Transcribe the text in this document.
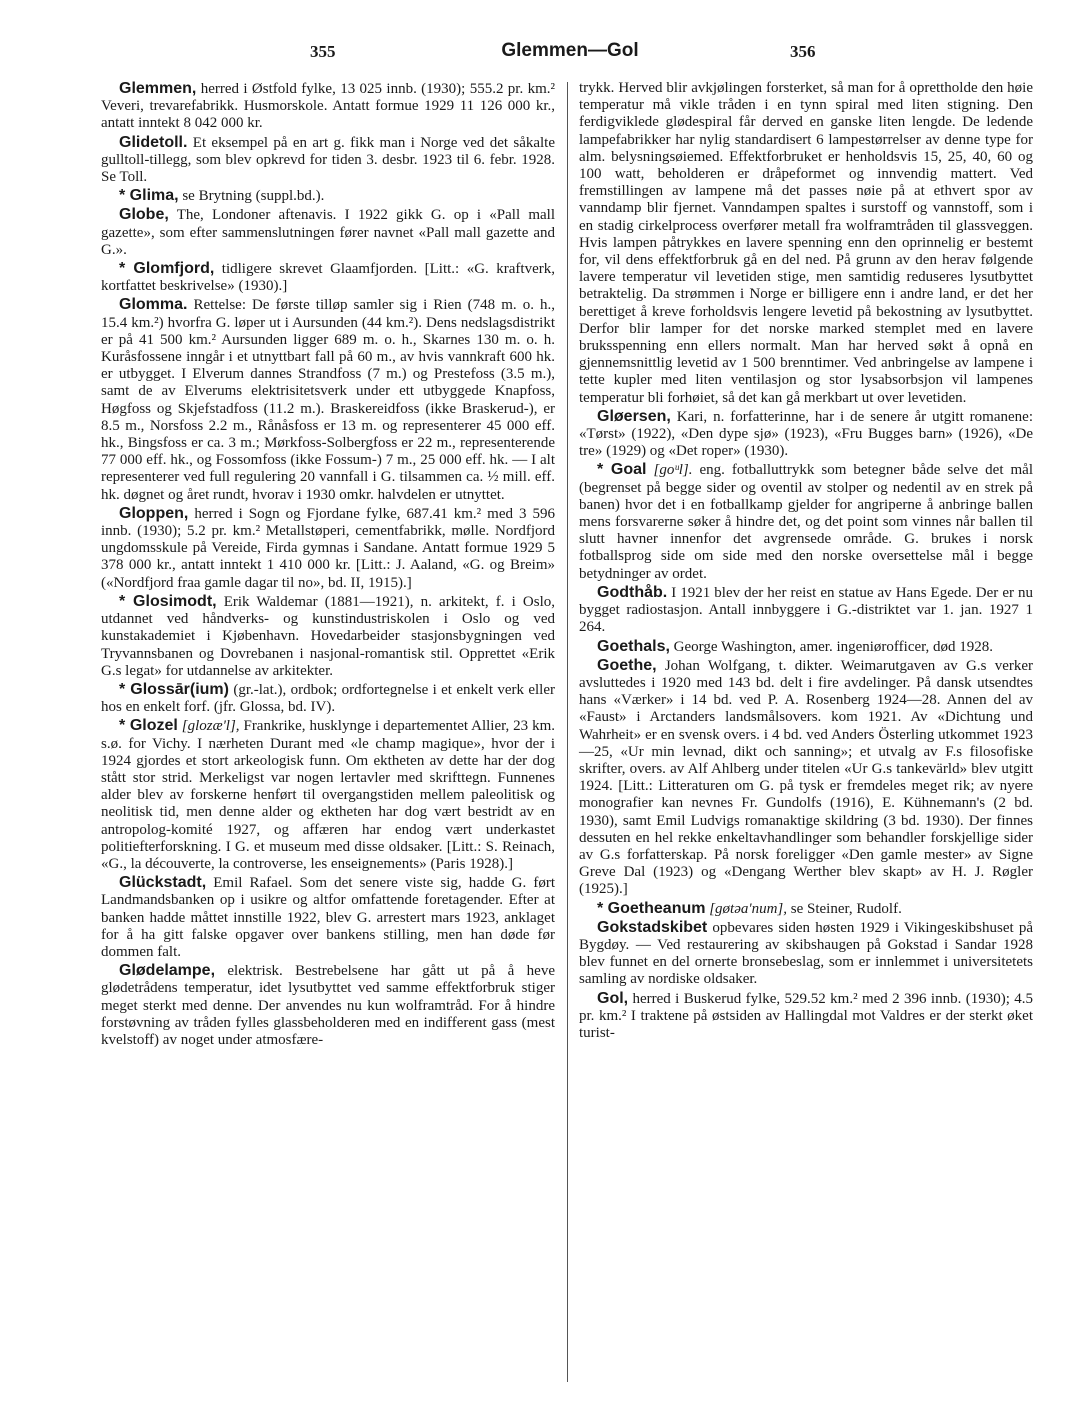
355	Glemmen—Gol	356

Glemmen, herred i Østfold fylke, 13 025 innb. (1930); 555.2 pr. km.² Veveri, trevarefabrikk. Husmorskole. Antatt formue 1929 11 126 000 kr., antatt inntekt 8 042 000 kr.

Glidetoll. Et eksempel på en art g. fikk man i Norge ved det såkalte gulltoll-tillegg, som blev opkrevd for tiden 3. desbr. 1923 til 6. febr. 1928. Se Toll.

* Glima, se Brytning (suppl.bd.).

Globe, The, Londoner aftenavis. I 1922 gikk G. op i «Pall mall gazette», som efter sammenslutningen fører navnet «Pall mall gazette and G.».

* Glomfjord, tidligere skrevet Glaamfjorden. [Litt.: «G. kraftverk, kortfattet beskrivelse» (1930).]

Glomma. Rettelse: De første tilløp samler sig i Rien (748 m. o. h., 15.4 km.²) hvorfra G. løper ut i Aursunden (44 km.²). Dens nedslagsdistrikt er på 41 500 km.² Aursunden ligger 689 m. o. h., Skarnes 130 m. o. h. Kuråsfossene inngår i et utnyttbart fall på 60 m., av hvis vannkraft 600 hk. er utbygget. I Elverum dannes Strandfoss (7 m.) og Prestefoss (3.5 m.), samt de av Elverums elektrisitetsverk under ett utbyggede Knapfoss, Høgfoss og Skjefstadfoss (11.2 m.). Braskereidfoss (ikke Braskerud-), er 8.5 m., Norsfoss 2.2 m., Rånåsfoss er 13 m. og representerer 45 000 eff. hk., Bingsfoss er ca. 3 m.; Mørkfoss-Solbergfoss er 22 m., representerende 77 000 eff. hk., og Fossomfoss (ikke Fossum-) 7 m., 25 000 eff. hk. — I alt representerer ved full regulering 20 vannfall i G. tilsammen ca. ½ mill. eff. hk. døgnet og året rundt, hvorav i 1930 omkr. halvdelen er utnyttet.

Gloppen, herred i Sogn og Fjordane fylke, 687.41 km.² med 3 596 innb. (1930); 5.2 pr. km.² Metallstøperi, cementfabrikk, mølle. Nordfjord ungdomsskule på Vereide, Firda gymnas i Sandane. Antatt formue 1929 5 378 000 kr., antatt inntekt 1 410 000 kr. [Litt.: J. Aaland, «G. og Breim» («Nordfjord fraa gamle dagar til no», bd. II, 1915).]

* Glosimodt, Erik Waldemar (1881—1921), n. arkitekt, f. i Oslo, utdannet ved håndverks- og kunstindustriskolen i Oslo og ved kunstakademiet i Kjøbenhavn. Hovedarbeider stasjonsbygningen ved Tryvannsbanen og Dovrebanen i nasjonal-romantisk stil. Opprettet «Erik G.s legat» for utdannelse av arkitekter.

* Glossār(ium) (gr.-lat.), ordbok; ordfortegnelse i et enkelt verk eller hos en enkelt forf. (jfr. Glossa, bd. IV).

* Glozel [glozæ'l], Frankrike, husklynge i departementet Allier, 23 km. s.ø. for Vichy. I nærheten Durant med «le champ magique», hvor der i 1924 gjordes et stort arkeologisk funn. Om ektheten av dette har der dog stått stor strid. Merkeligst var nogen lertavler med skrifttegn. Funnenes alder blev av forskerne henført til overgangstiden mellem paleolitisk og neolitisk tid, men denne alder og ektheten har dog vært bestridt av en antropolog-komité 1927, og affæren har endog vært underkastet politiefterforskning. I G. et museum med disse oldsaker. [Litt.: S. Reinach, «G., la découverte, la controverse, les enseignements» (Paris 1928).]

Glückstadt, Emil Rafael. Som det senere viste sig, hadde G. ført Landmandsbanken op i usikre og altfor omfattende foretagender. Efter at banken hadde måttet innstille 1922, blev G. arrestert mars 1923, anklaget for å ha gitt falske opgaver over bankens stilling, men han døde før dommen falt.

Glødelampe, elektrisk. Bestrebelsene har gått ut på å heve glødetrådens temperatur, idet lysutbyttet ved samme effektforbruk stiger meget sterkt med denne. Der anvendes nu kun wolframtråd. For å hindre forstøvning av tråden fylles glassbeholderen med en indifferent gass (mest kvelstoff) av noget under atmosfære-

trykk. Herved blir avkjølingen forsterket, så man for å oprettholde den høie temperatur må vikle tråden i en tynn spiral med liten stigning. Den ferdigviklede glødespiral får derved en ganske liten lengde. De ledende lampefabrikker har nylig standardisert 6 lampestørrelser av denne type for alm. belysningsøiemed. Effektforbruket er henholdsvis 15, 25, 40, 60 og 100 watt, beholderen er dråpeformet og innvendig mattert. Ved fremstillingen av lampene må det passes nøie på at ethvert spor av vanndamp blir fjernet. Vanndampen spaltes i surstoff og vannstoff, som i en stadig cirkelprocess overfører metall fra wolframtråden til glassveggen. Hvis lampen påtrykkes en lavere spenning enn den oprinnelig er bestemt for, vil dens effektforbruk gå en del ned. På grunn av den herav følgende lavere temperatur vil levetiden stige, men samtidig reduseres lysutbyttet betraktelig. Da strømmen i Norge er billigere enn i andre land, er det her berettiget å kreve forholdsvis lengere levetid på bekostning av lysutbyttet. Derfor blir lamper for det norske marked stemplet med en lavere bruksspenning enn ellers normalt. Man har herved søkt å opnå en gjennemsnittlig levetid av 1 500 brenntimer. Ved anbringelse av lampene i tette kupler med liten ventilasjon og stor lysabsorbsjon vil lampenes temperatur bli forhøiet, så det kan gå merkbart ut over levetiden.

Gløersen, Kari, n. forfatterinne, har i de senere år utgitt romanene: «Tørst» (1922), «Den dype sjø» (1923), «Fru Bugges barn» (1926), «De tre» (1929) og «Det roper» (1930).

* Goal [goᵘl]. eng. fotballuttrykk som betegner både selve det mål (begrenset på begge sider og oventil av stolper og nedentil av en strek på banen) hvor det i en fotballkamp gjelder for angriperne å anbringe ballen mens forsvarerne søker å hindre det, og det point som vinnes når ballen til slutt havner innenfor det avgrensede område. G. brukes i norsk fotballsprog side om side med den norske oversettelse mål i begge betydninger av ordet.

Godthåb. I 1921 blev der her reist en statue av Hans Egede. Der er nu bygget radiostasjon. Antall innbyggere i G.-distriktet var 1. jan. 1927 1 264.

Goethals, George Washington, amer. ingeniørofficer, død 1928.

Goethe, Johan Wolfgang, t. dikter. Weimarutgaven av G.s verker avsluttedes i 1920 med 143 bd. delt i fire avdelinger. På dansk utsendtes hans «Værker» i 14 bd. ved P. A. Rosenberg 1924—28. Annen del av «Faust» i Arctanders landsmålsovers. kom 1921. Av «Dichtung und Wahrheit» er en svensk overs. i 4 bd. ved Anders Österling utkommet 1923—25, «Ur min levnad, dikt och sanning»; et utvalg av F.s filosofiske skrifter, overs. av Alf Ahlberg under titelen «Ur G.s tankevärld» blev utgitt 1924. [Litt.: Litteraturen om G. på tysk er fremdeles meget rik; av nyere monografier kan nevnes Fr. Gundolfs (1916), E. Kühnemann's (2 bd. 1930), samt Emil Ludvigs romanaktige skildring (3 bd. 1930). Der finnes dessuten en hel rekke enkeltavhandlinger som behandler forskjellige sider av G.s forfatterskap. På norsk foreligger «Den gamle mester» av Signe Greve Dal (1923) og «Dengang Werther blev skapt» av H. J. Røgler (1925).]

* Goetheanum [gøtəa'num], se Steiner, Rudolf.

Gokstadskibet opbevares siden høsten 1929 i Vikingeskibshuset på Bygdøy. — Ved restaurering av skibshaugen på Gokstad i Sandar 1928 blev funnet en del ornerte bronsebeslag, som er innlemmet i universitetets samling av nordiske oldsaker.

Gol, herred i Buskerud fylke, 529.52 km.² med 2 396 innb. (1930); 4.5 pr. km.² I traktene på østsiden av Hallingdal mot Valdres er der sterkt øket turist-
